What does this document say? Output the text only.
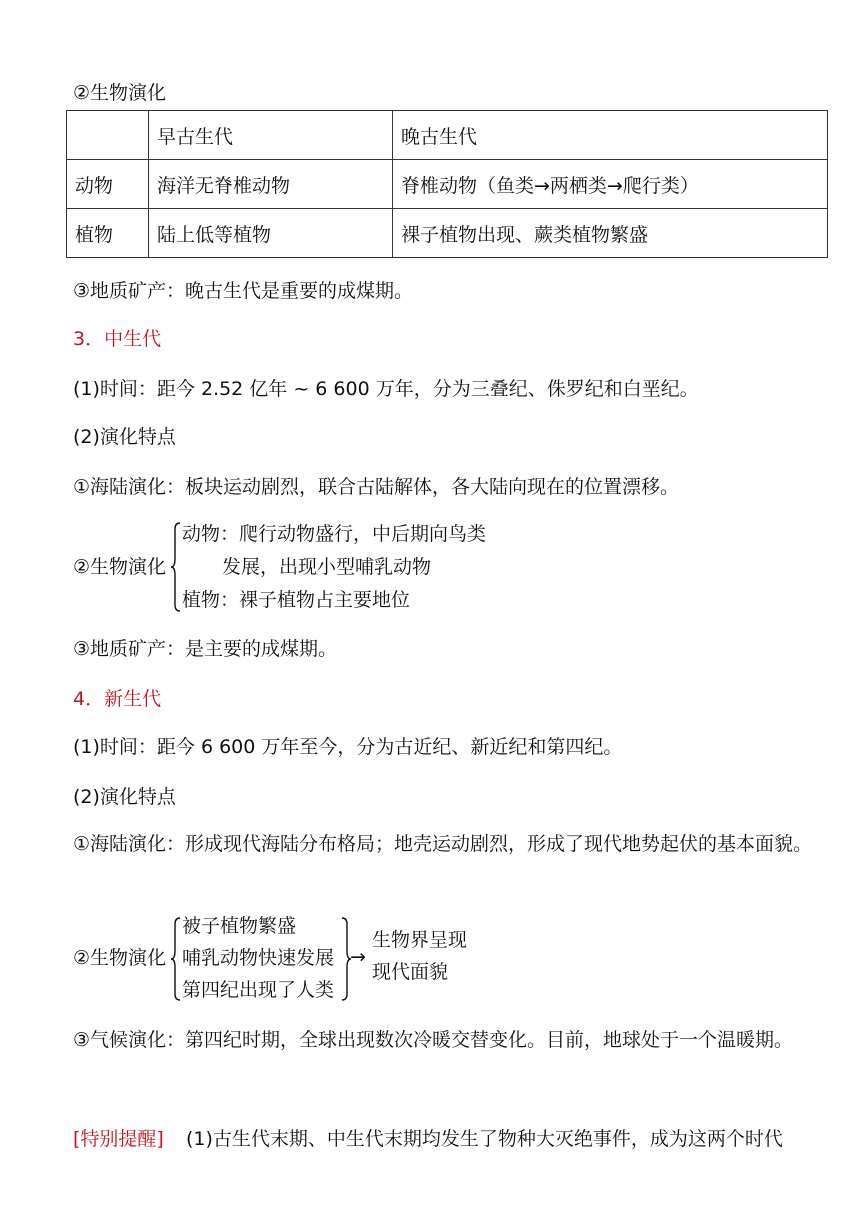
②生物演化
	早古生代	晚古生代
动物	海洋无脊椎动物	脊椎动物（鱼类→两栖类→爬行类）
植物	陆上低等植物	裸子植物出现、蕨类植物繁盛
③地质矿产：晚古生代是重要的成煤期。
3．中生代
(1)时间：距今 2.52 亿年 ~ 6 600 万年，分为三叠纪、侏罗纪和白垩纪。
(2)演化特点
①海陆演化：板块运动剧烈，联合古陆解体，各大陆向现在的位置漂移。
②生物演化
动物：爬行动物盛行，中后期向鸟类
发展，出现小型哺乳动物
植物：裸子植物占主要地位
③地质矿产：是主要的成煤期。
4．新生代
(1)时间：距今 6 600 万年至今，分为古近纪、新近纪和第四纪。
(2)演化特点
①海陆演化：形成现代海陆分布格局；地壳运动剧烈，形成了现代地势起伏的基本面貌。
②生物演化
被子植物繁盛
哺乳动物快速发展
第四纪出现了人类
→
生物界呈现
现代面貌
③气候演化：第四纪时期，全球出现数次冷暖交替变化。目前，地球处于一个温暖期。
[特别提醒] (1)古生代末期、中生代末期均发生了物种大灭绝事件，成为这两个时代
